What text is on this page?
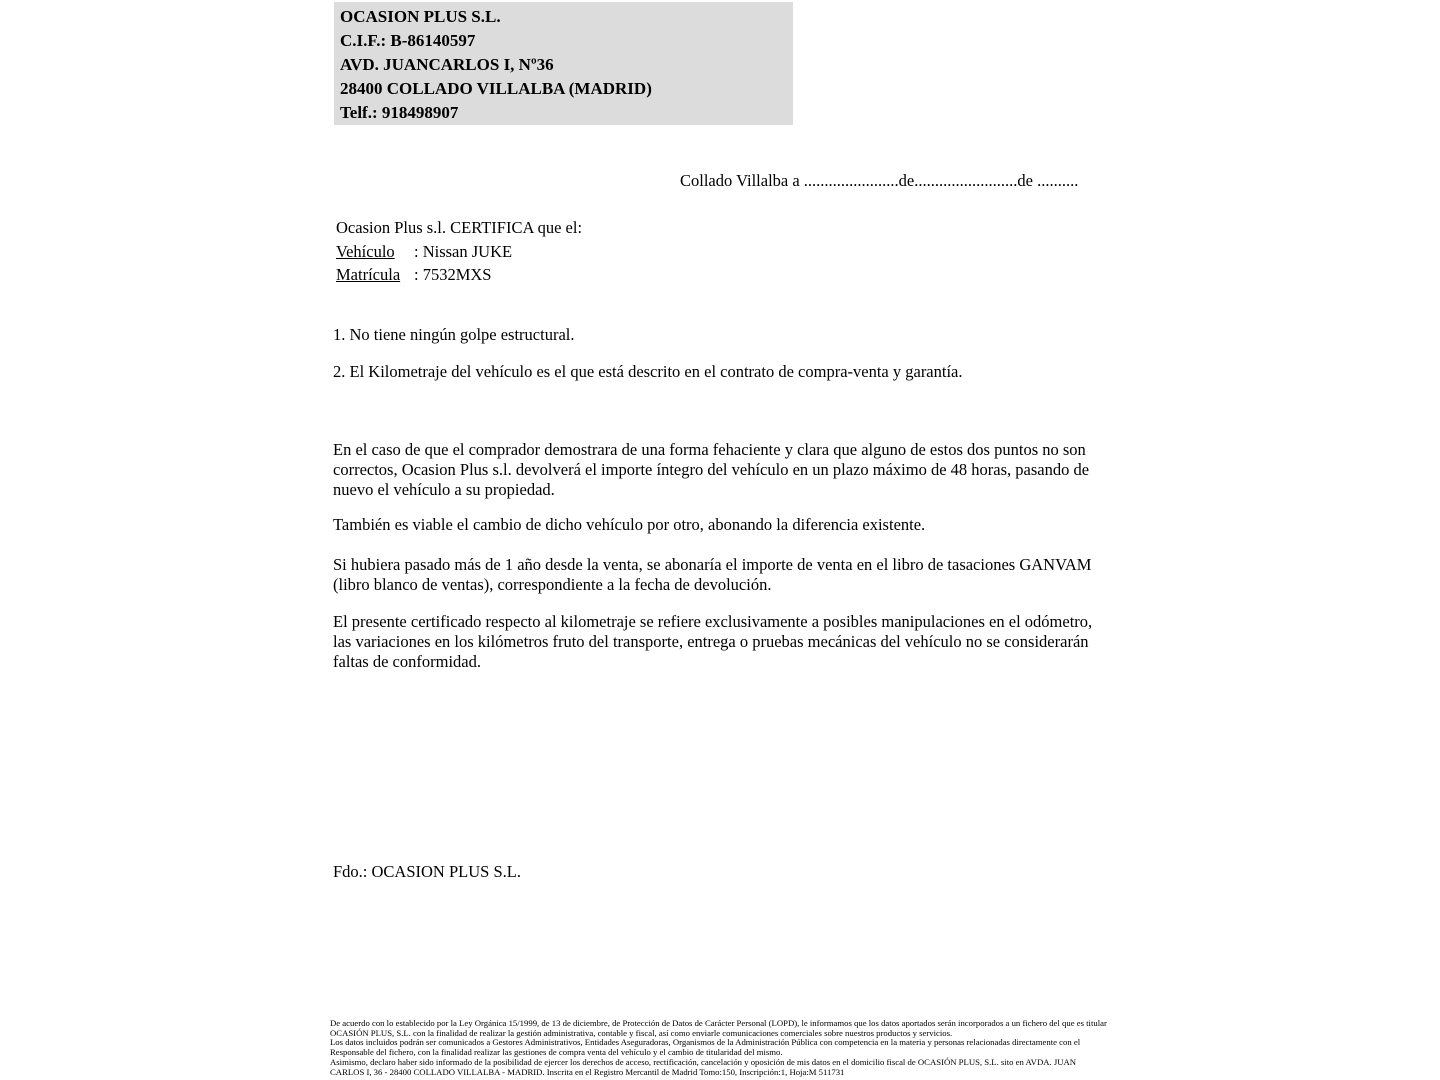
OCASION PLUS S.L.
C.I.F.: B-86140597
AVD. JUANCARLOS I, Nº36
28400 COLLADO VILLALBA (MADRID)
Telf.: 918498907
Collado Villalba a .......................de.........................de ..........
Ocasion Plus s.l. CERTIFICA que el:
Vehículo : Nissan JUKE
Matrícula : 7532MXS
1. No tiene ningún golpe estructural.
2. El Kilometraje del vehículo es el que está descrito en el contrato de compra-venta y garantía.
En el caso de que el comprador demostrara de una forma fehaciente y clara que alguno de estos dos puntos no son correctos, Ocasion Plus s.l. devolverá el importe íntegro del vehículo en un plazo máximo de 48 horas, pasando de nuevo el vehículo a su propiedad.
También es viable el cambio de dicho vehículo por otro, abonando la diferencia existente.
Si hubiera pasado más de 1 año desde la venta, se abonaría el importe de venta en el libro de tasaciones GANVAM (libro blanco de ventas), correspondiente a la fecha de devolución.
El presente certificado respecto al kilometraje se refiere exclusivamente a posibles manipulaciones en el odómetro, las variaciones en los kilómetros fruto del transporte, entrega o pruebas mecánicas del vehículo no se considerarán faltas de conformidad.
Fdo.: OCASION PLUS S.L.
De acuerdo con lo establecido por la Ley Orgánica 15/1999, de 13 de diciembre, de Protección de Datos de Carácter Personal (LOPD), le informamos que los datos aportados serán incorporados a un fichero del que es titular
OCASIÓN PLUS, S.L. con la finalidad de realizar la gestión administrativa, contable y fiscal, así como enviarle comunicaciones comerciales sobre nuestros productos y servicios.
Los datos incluidos podrán ser comunicados a Gestores Administrativos, Entidades Aseguradoras, Organismos de la Administración Pública con competencia en la materia y personas relacionadas directamente con el
Responsable del fichero, con la finalidad realizar las gestiones de compra venta del vehículo y el cambio de titularidad del mismo.
Asimismo, declaro haber sido informado de la posibilidad de ejercer los derechos de acceso, rectificación, cancelación y oposición de mis datos en el domicilio fiscal de OCASIÓN PLUS, S.L. sito en AVDA. JUAN
CARLOS I, 36 - 28400 COLLADO VILLALBA - MADRID. Inscrita en el Registro Mercantil de Madrid Tomo:150, Inscripción:1, Hoja:M 511731
